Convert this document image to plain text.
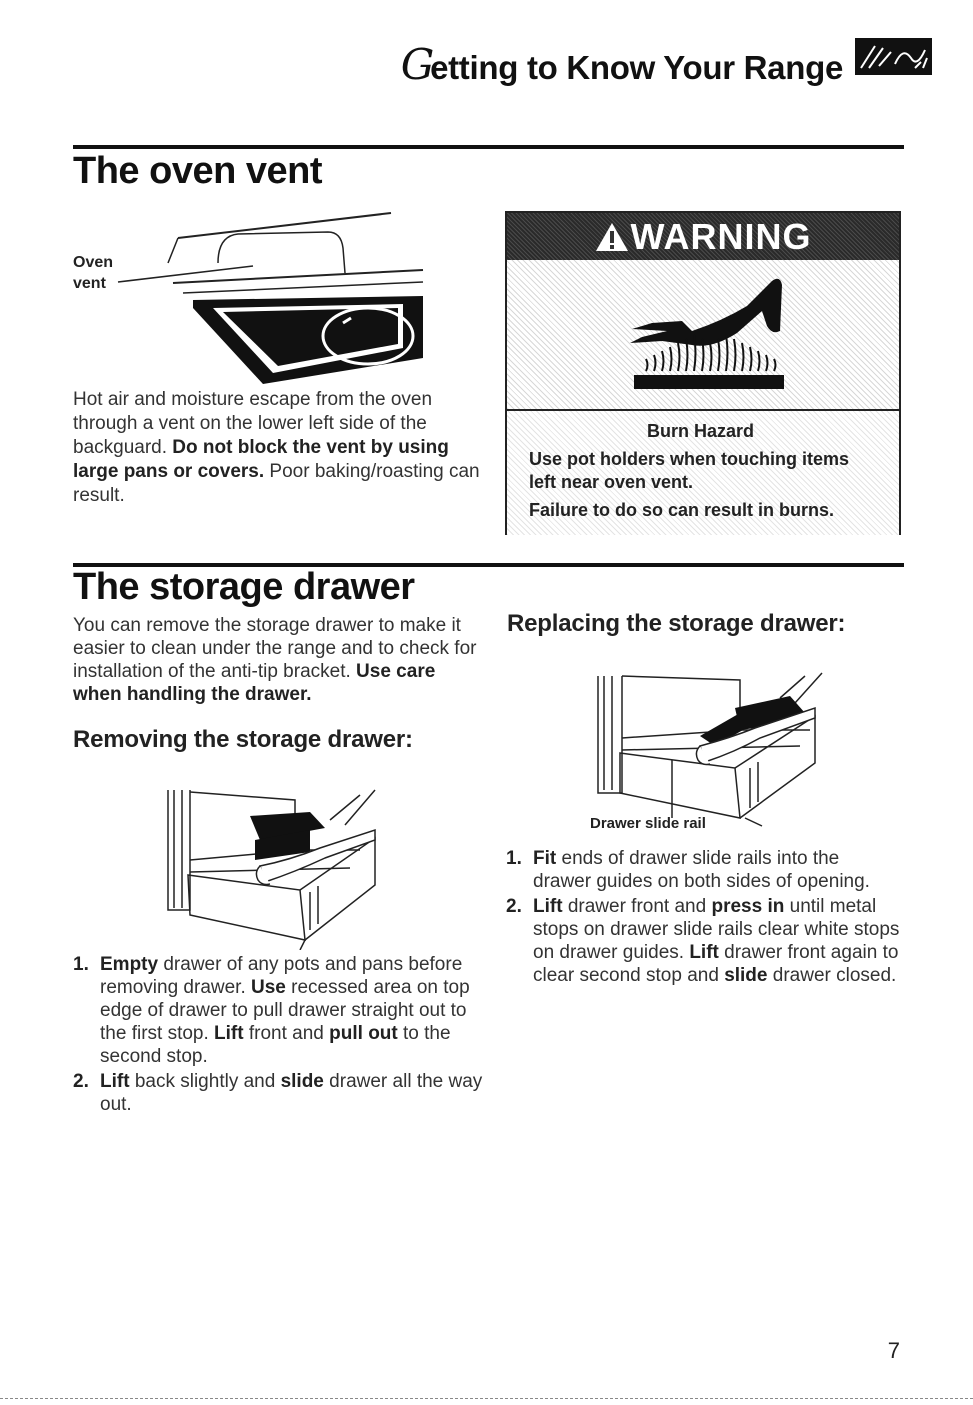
Getting to Know Your Range
The oven vent
Oven
vent

Hot air and moisture escape from the oven through a vent on the lower left side of the backguard. Do not block the vent by using large pans or covers. Poor baking/roasting can result.

WARNING
Burn Hazard
Use pot holders when touching items
left near oven vent.
Failure to do so can result in burns.
The storage drawer

You can remove the storage drawer to make it easier to clean under the range and to check for installation of the anti-tip bracket. Use care when handling the drawer.

Removing the storage drawer:
1. Empty drawer of any pots and pans before removing drawer. Use recessed area on top edge of drawer to pull drawer straight out to the first stop. Lift front and pull out to the second stop.
2. Lift back slightly and slide drawer all the way out.
Replacing the storage drawer:
Drawer slide rail
1. Fit ends of drawer slide rails into the drawer guides on both sides of opening.
2. Lift drawer front and press in until metal stops on drawer slide rails clear white stops on drawer guides. Lift drawer front again to clear second stop and slide drawer closed.
7
